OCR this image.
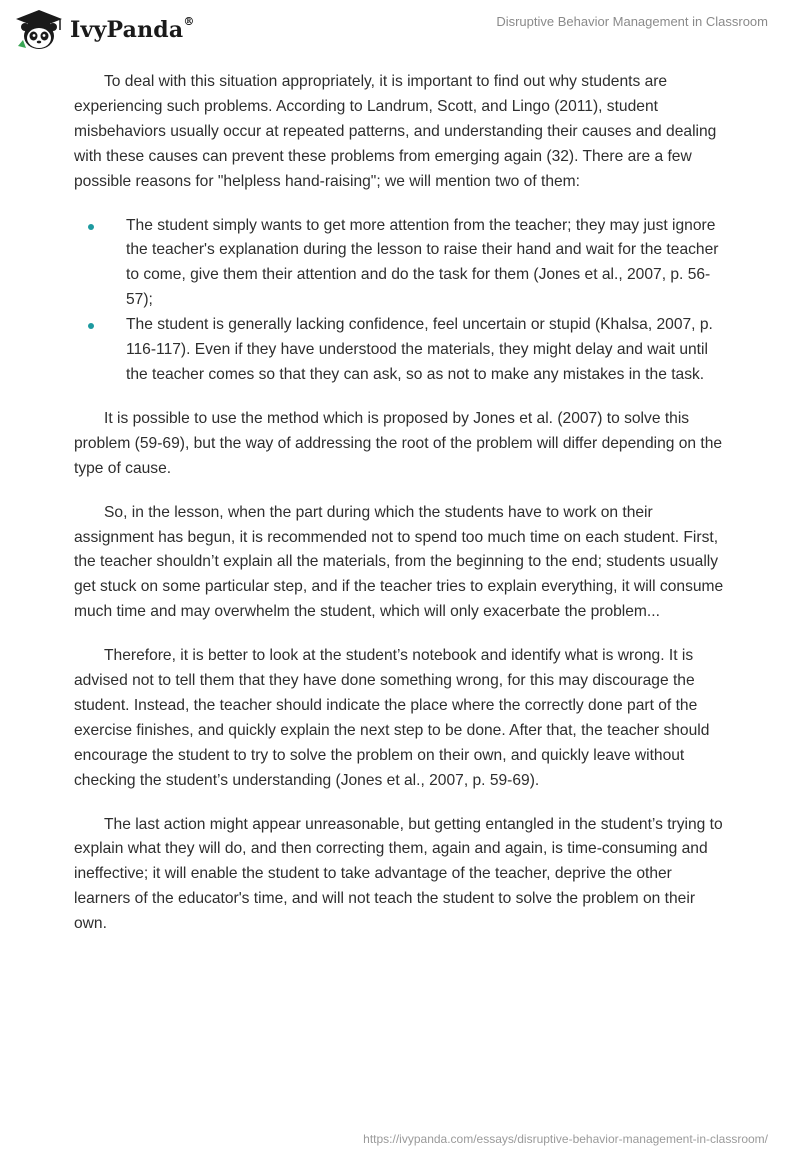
IvyPanda®	Disruptive Behavior Management in Classroom

To deal with this situation appropriately, it is important to find out why students are experiencing such problems. According to Landrum, Scott, and Lingo (2011), student misbehaviors usually occur at repeated patterns, and understanding their causes and dealing with these causes can prevent these problems from emerging again (32). There are a few possible reasons for "helpless hand-raising"; we will mention two of them:

The student simply wants to get more attention from the teacher; they may just ignore the teacher's explanation during the lesson to raise their hand and wait for the teacher to come, give them their attention and do the task for them (Jones et al., 2007, p. 56-57);
The student is generally lacking confidence, feel uncertain or stupid (Khalsa, 2007, p. 116-117). Even if they have understood the materials, they might delay and wait until the teacher comes so that they can ask, so as not to make any mistakes in the task.

It is possible to use the method which is proposed by Jones et al. (2007) to solve this problem (59-69), but the way of addressing the root of the problem will differ depending on the type of cause.

So, in the lesson, when the part during which the students have to work on their assignment has begun, it is recommended not to spend too much time on each student. First, the teacher shouldn’t explain all the materials, from the beginning to the end; students usually get stuck on some particular step, and if the teacher tries to explain everything, it will consume much time and may overwhelm the student, which will only exacerbate the problem...

Therefore, it is better to look at the student’s notebook and identify what is wrong. It is advised not to tell them that they have done something wrong, for this may discourage the student. Instead, the teacher should indicate the place where the correctly done part of the exercise finishes, and quickly explain the next step to be done. After that, the teacher should encourage the student to try to solve the problem on their own, and quickly leave without checking the student’s understanding (Jones et al., 2007, p. 59-69).

The last action might appear unreasonable, but getting entangled in the student’s trying to explain what they will do, and then correcting them, again and again, is time-consuming and ineffective; it will enable the student to take advantage of the teacher, deprive the other learners of the educator's time, and will not teach the student to solve the problem on their own.

https://ivypanda.com/essays/disruptive-behavior-management-in-classroom/
